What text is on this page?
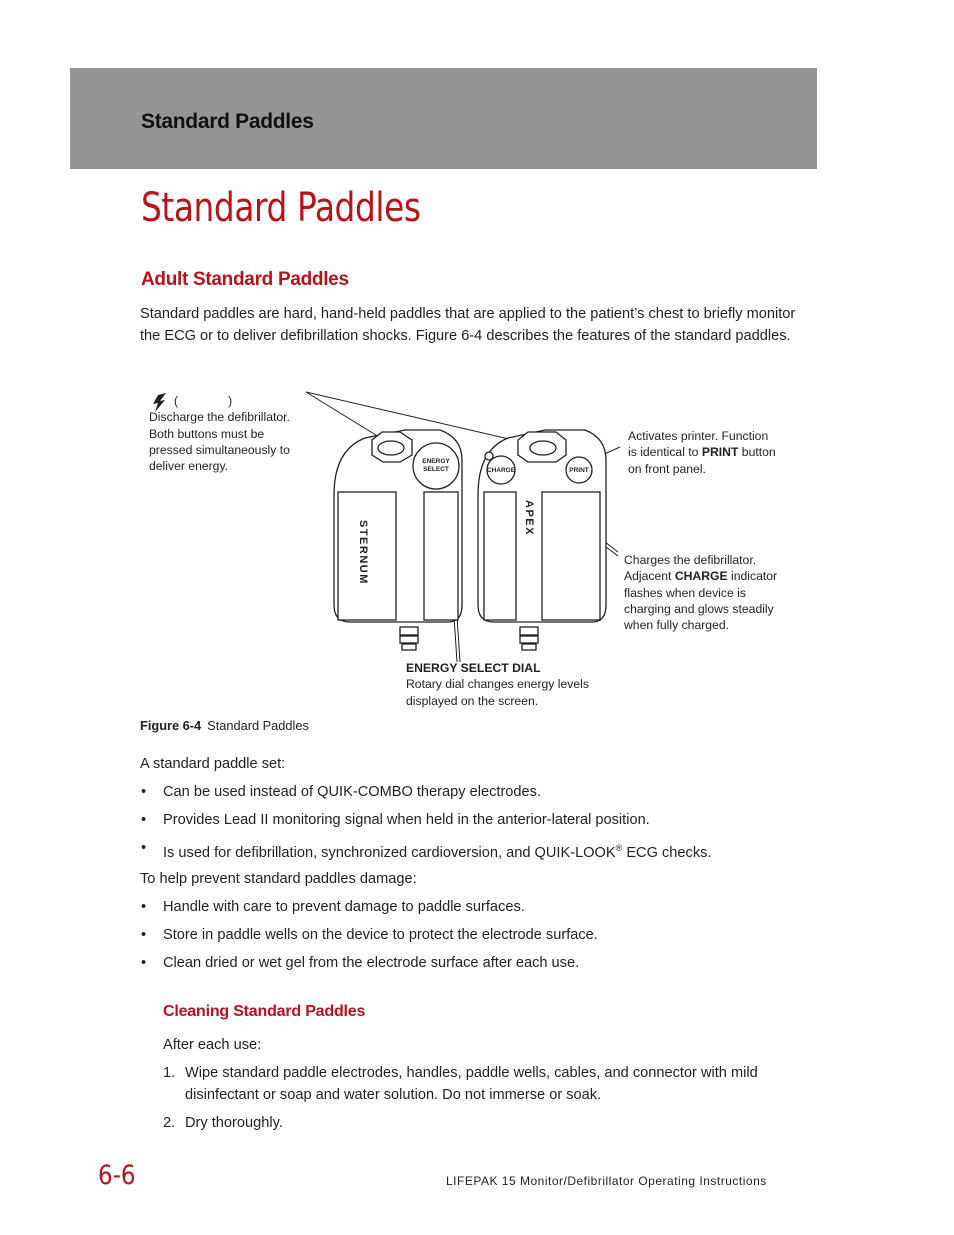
Standard Paddles
Standard Paddles
Adult Standard Paddles
Standard paddles are hard, hand-held paddles that are applied to the patient’s chest to briefly monitor the ECG or to deliver defibrillation shocks. Figure 6-4 describes the features of the standard paddles.
ENERGY
SELECT	CHARGE	PRINT
STERNUM
APEX
(	)
Discharge the defibrillator.
Both buttons must be
pressed simultaneously to
deliver energy.
Activates printer. Function
is identical to PRINT button
on front panel.
Charges the defibrillator.
Adjacent CHARGE indicator
flashes when device is
charging and glows steadily
when fully charged.
ENERGY SELECT DIAL
Rotary dial changes energy levels
displayed on the screen.
Figure 6-4 Standard Paddles
A standard paddle set:
• Can be used instead of QUIK-COMBO therapy electrodes.
• Provides Lead II monitoring signal when held in the anterior-lateral position.
• Is used for defibrillation, synchronized cardioversion, and QUIK-LOOK® ECG checks.
To help prevent standard paddles damage:
• Handle with care to prevent damage to paddle surfaces.
• Store in paddle wells on the device to protect the electrode surface.
• Clean dried or wet gel from the electrode surface after each use.
Cleaning Standard Paddles
After each use:
1. Wipe standard paddle electrodes, handles, paddle wells, cables, and connector with mild disinfectant or soap and water solution. Do not immerse or soak.
2. Dry thoroughly.
6-6	LIFEPAK 15 Monitor/Defibrillator Operating Instructions
